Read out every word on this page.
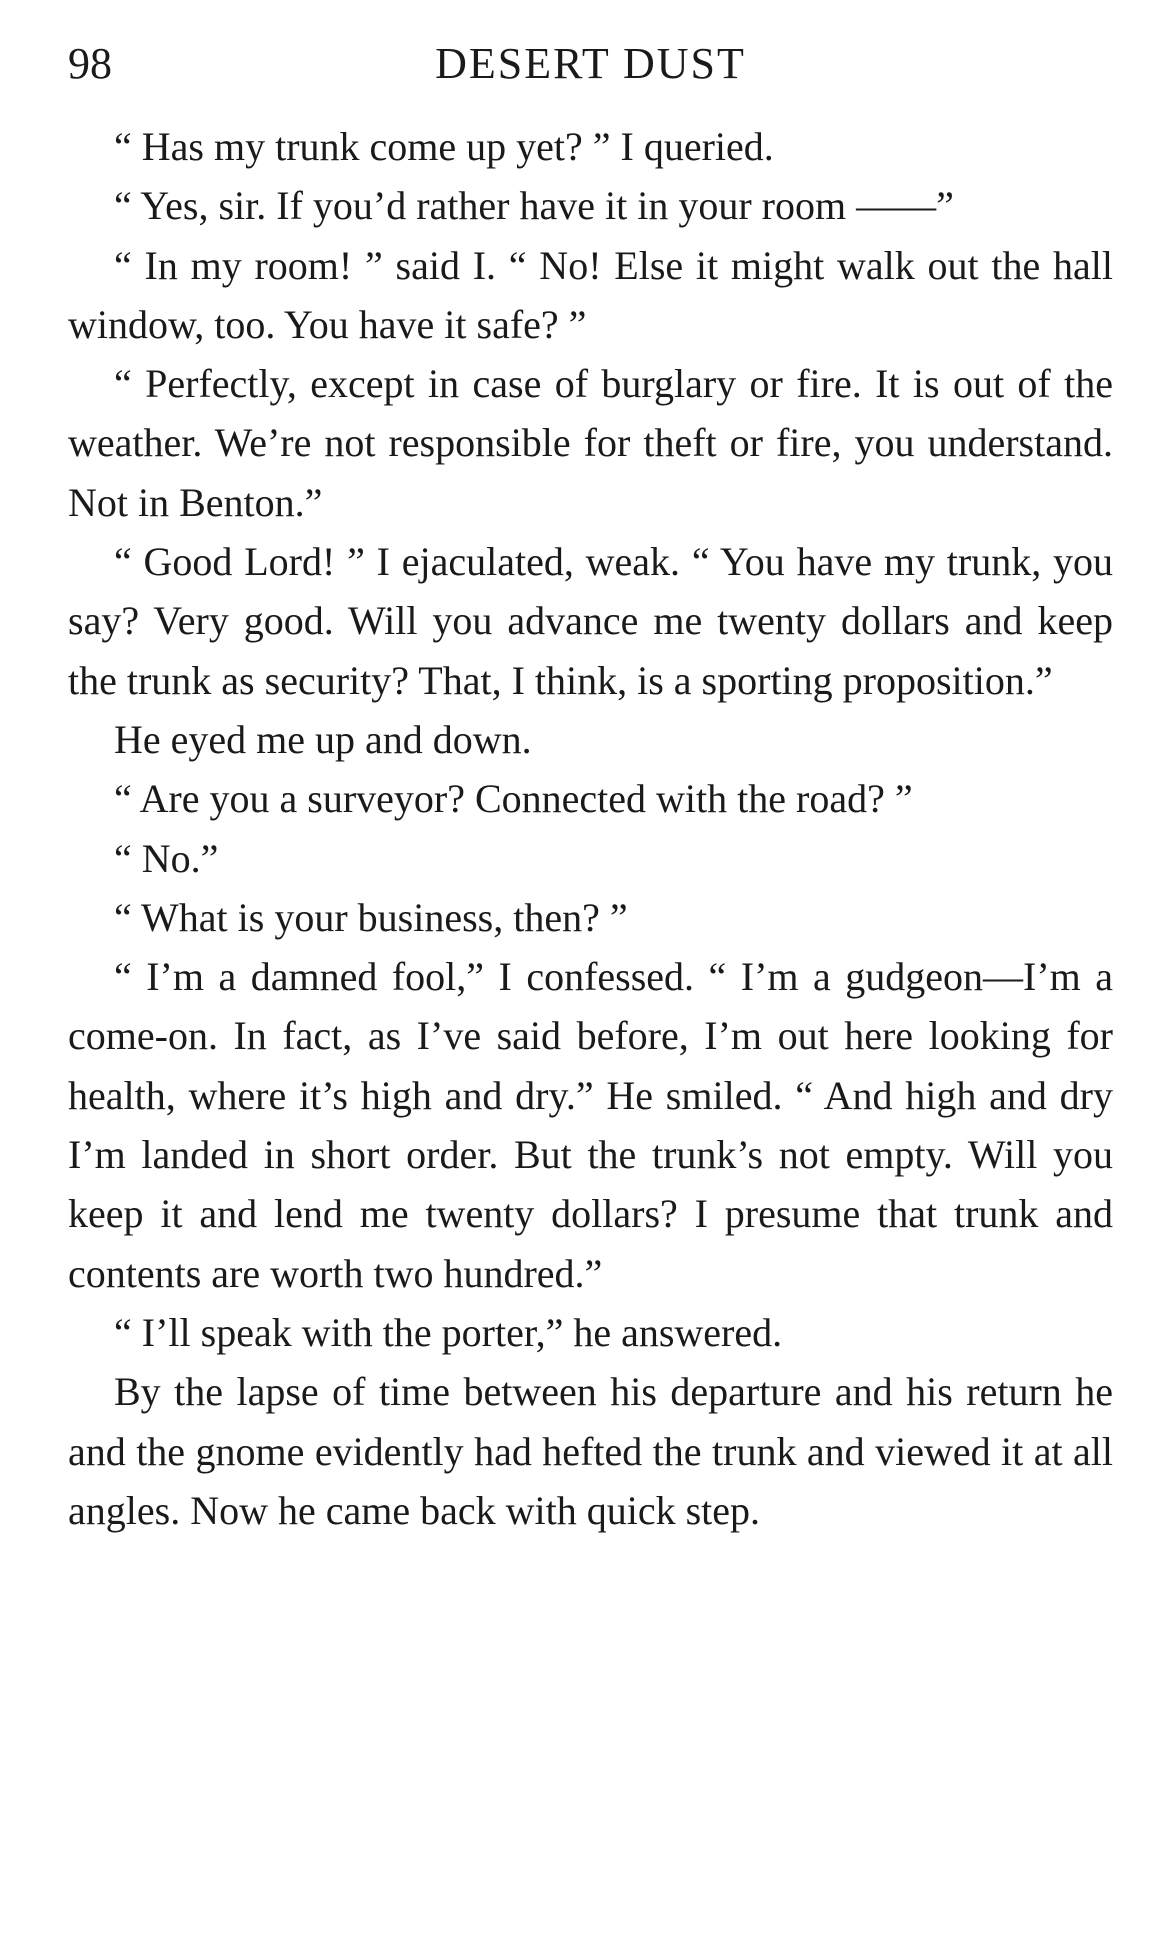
98	DESERT DUST

“ Has my trunk come up yet? ” I queried.

“ Yes, sir. If you’d rather have it in your room ——”

“ In my room! ” said I. “ No! Else it might walk out the hall window, too. You have it safe? ”

“ Perfectly, except in case of burglary or fire. It is out of the weather. We’re not responsible for theft or fire, you understand. Not in Benton.”

“ Good Lord! ” I ejaculated, weak. “ You have my trunk, you say? Very good. Will you advance me twenty dollars and keep the trunk as security? That, I think, is a sporting proposition.”

He eyed me up and down.

“ Are you a surveyor? Connected with the road? ”

“ No.”

“ What is your business, then? ”

“ I’m a damned fool,” I confessed. “ I’m a gudgeon—I’m a come-on. In fact, as I’ve said before, I’m out here looking for health, where it’s high and dry.” He smiled. “ And high and dry I’m landed in short order. But the trunk’s not empty. Will you keep it and lend me twenty dollars? I presume that trunk and contents are worth two hundred.”

“ I’ll speak with the porter,” he answered.

By the lapse of time between his departure and his return he and the gnome evidently had hefted the trunk and viewed it at all angles. Now he came back with quick step.
